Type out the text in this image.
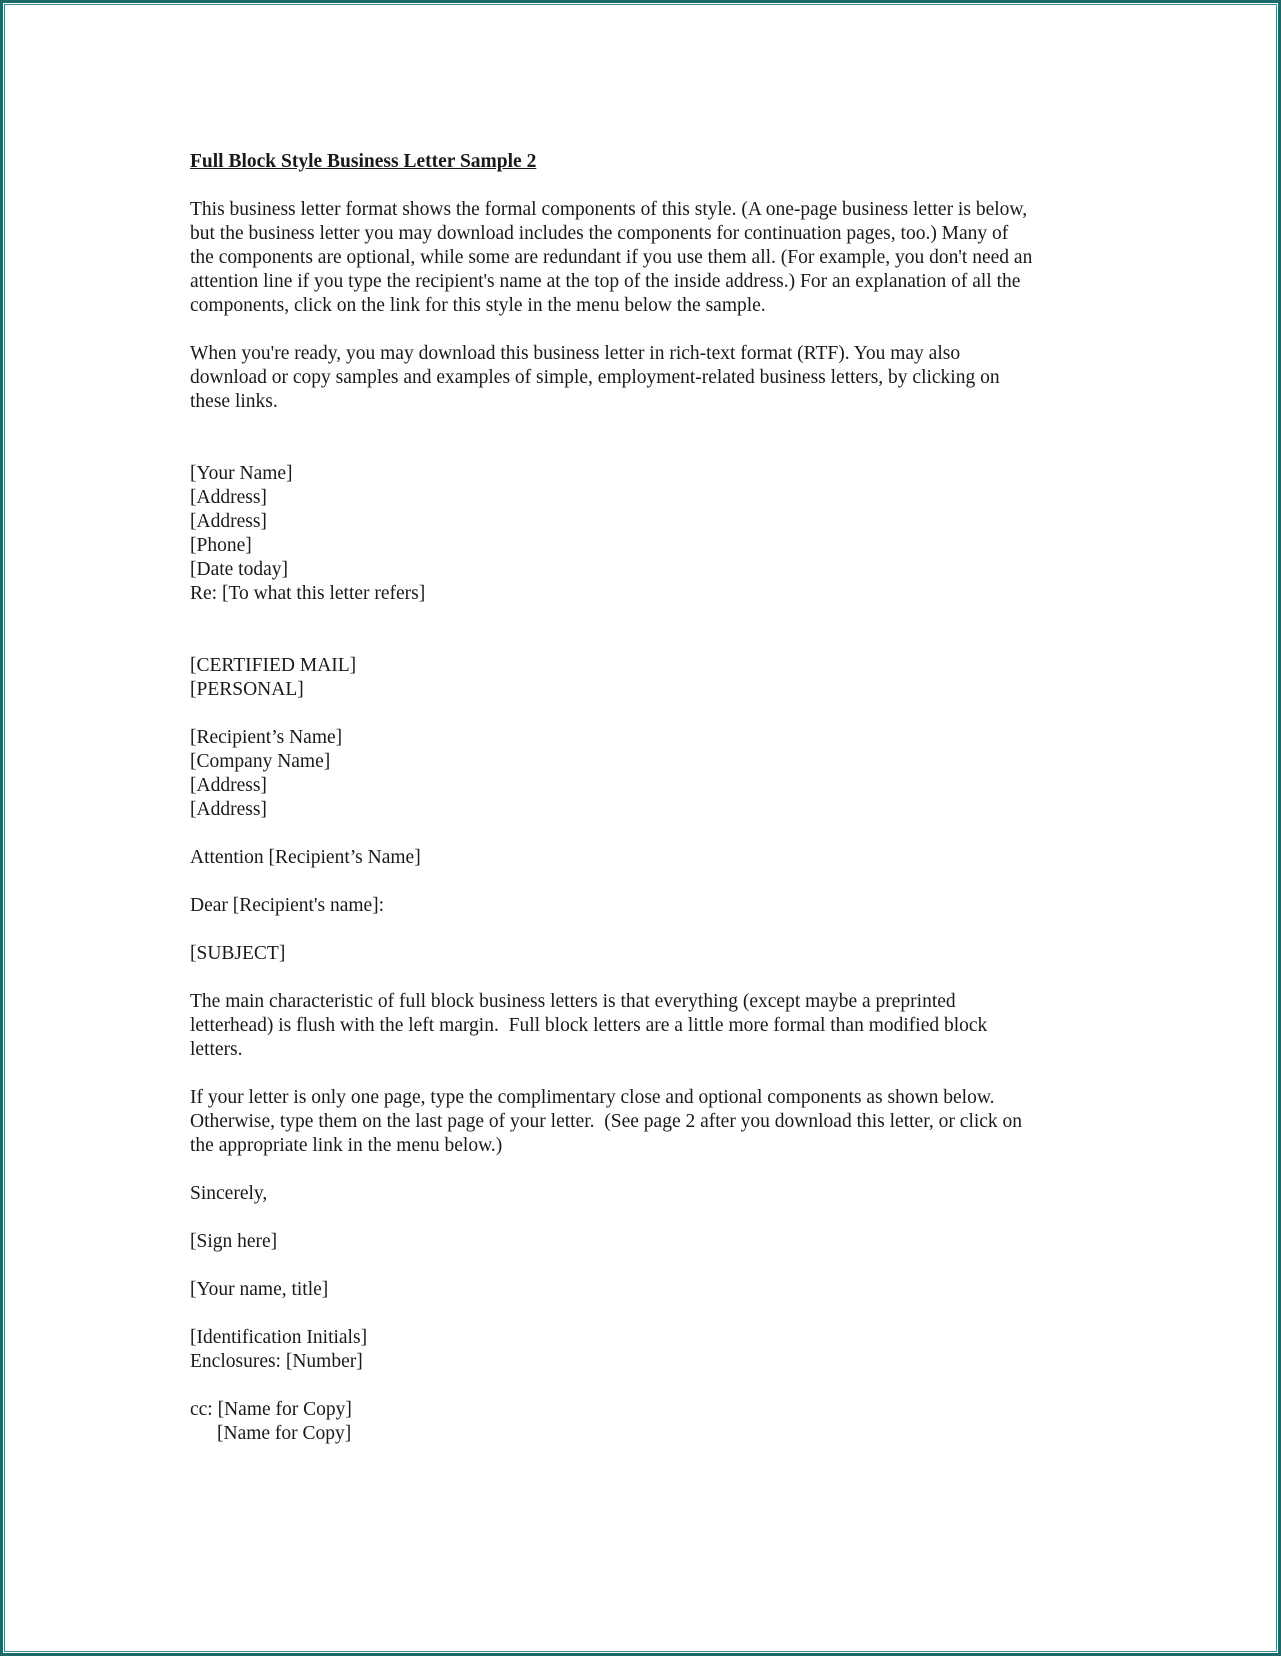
Full Block Style Business Letter Sample 2
This business letter format shows the formal components of this style. (A one-page business letter is below,
but the business letter you may download includes the components for continuation pages, too.) Many of
the components are optional, while some are redundant if you use them all. (For example, you don't need an
attention line if you type the recipient's name at the top of the inside address.) For an explanation of all the
components, click on the link for this style in the menu below the sample.
When you're ready, you may download this business letter in rich-text format (RTF). You may also
download or copy samples and examples of simple, employment-related business letters, by clicking on
these links.
[Your Name]
[Address]
[Address]
[Phone]
[Date today]
Re: [To what this letter refers]
[CERTIFIED MAIL]
[PERSONAL]
[Recipient’s Name]
[Company Name]
[Address]
[Address]
Attention [Recipient’s Name]
Dear [Recipient's name]:
[SUBJECT]
The main characteristic of full block business letters is that everything (except maybe a preprinted
letterhead) is flush with the left margin.  Full block letters are a little more formal than modified block
letters.
If your letter is only one page, type the complimentary close and optional components as shown below.
Otherwise, type them on the last page of your letter.  (See page 2 after you download this letter, or click on
the appropriate link in the menu below.)
Sincerely,
[Sign here]
[Your name, title]
[Identification Initials]
Enclosures: [Number]
cc: [Name for Copy]
[Name for Copy]
